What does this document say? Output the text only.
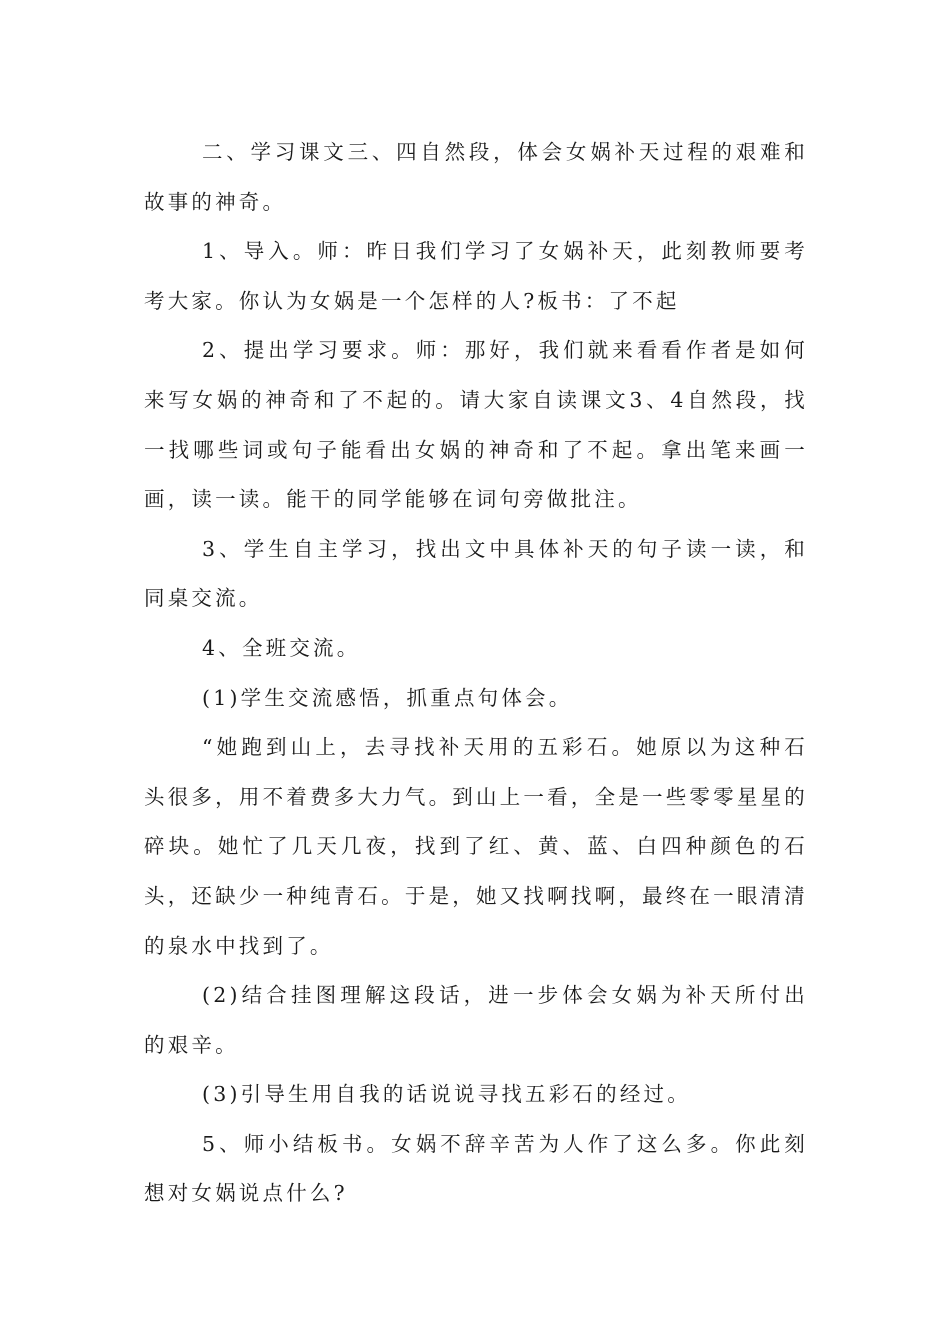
二、学习课文三、四自然段，体会女娲补天过程的艰难和故事的神奇。

1、导入。师：昨日我们学习了女娲补天，此刻教师要考考大家。你认为女娲是一个怎样的人?板书：了不起

2、提出学习要求。师：那好，我们就来看看作者是如何来写女娲的神奇和了不起的。请大家自读课文3、4自然段，找一找哪些词或句子能看出女娲的神奇和了不起。拿出笔来画一画，读一读。能干的同学能够在词句旁做批注。

3、学生自主学习，找出文中具体补天的句子读一读，和同桌交流。

4、全班交流。

(1)学生交流感悟，抓重点句体会。

“她跑到山上，去寻找补天用的五彩石。她原以为这种石头很多，用不着费多大力气。到山上一看，全是一些零零星星的碎块。她忙了几天几夜，找到了红、黄、蓝、白四种颜色的石头，还缺少一种纯青石。于是，她又找啊找啊，最终在一眼清清的泉水中找到了。

(2)结合挂图理解这段话，进一步体会女娲为补天所付出的艰辛。

(3)引导生用自我的话说说寻找五彩石的经过。

5、师小结板书。女娲不辞辛苦为人作了这么多。你此刻想对女娲说点什么?
